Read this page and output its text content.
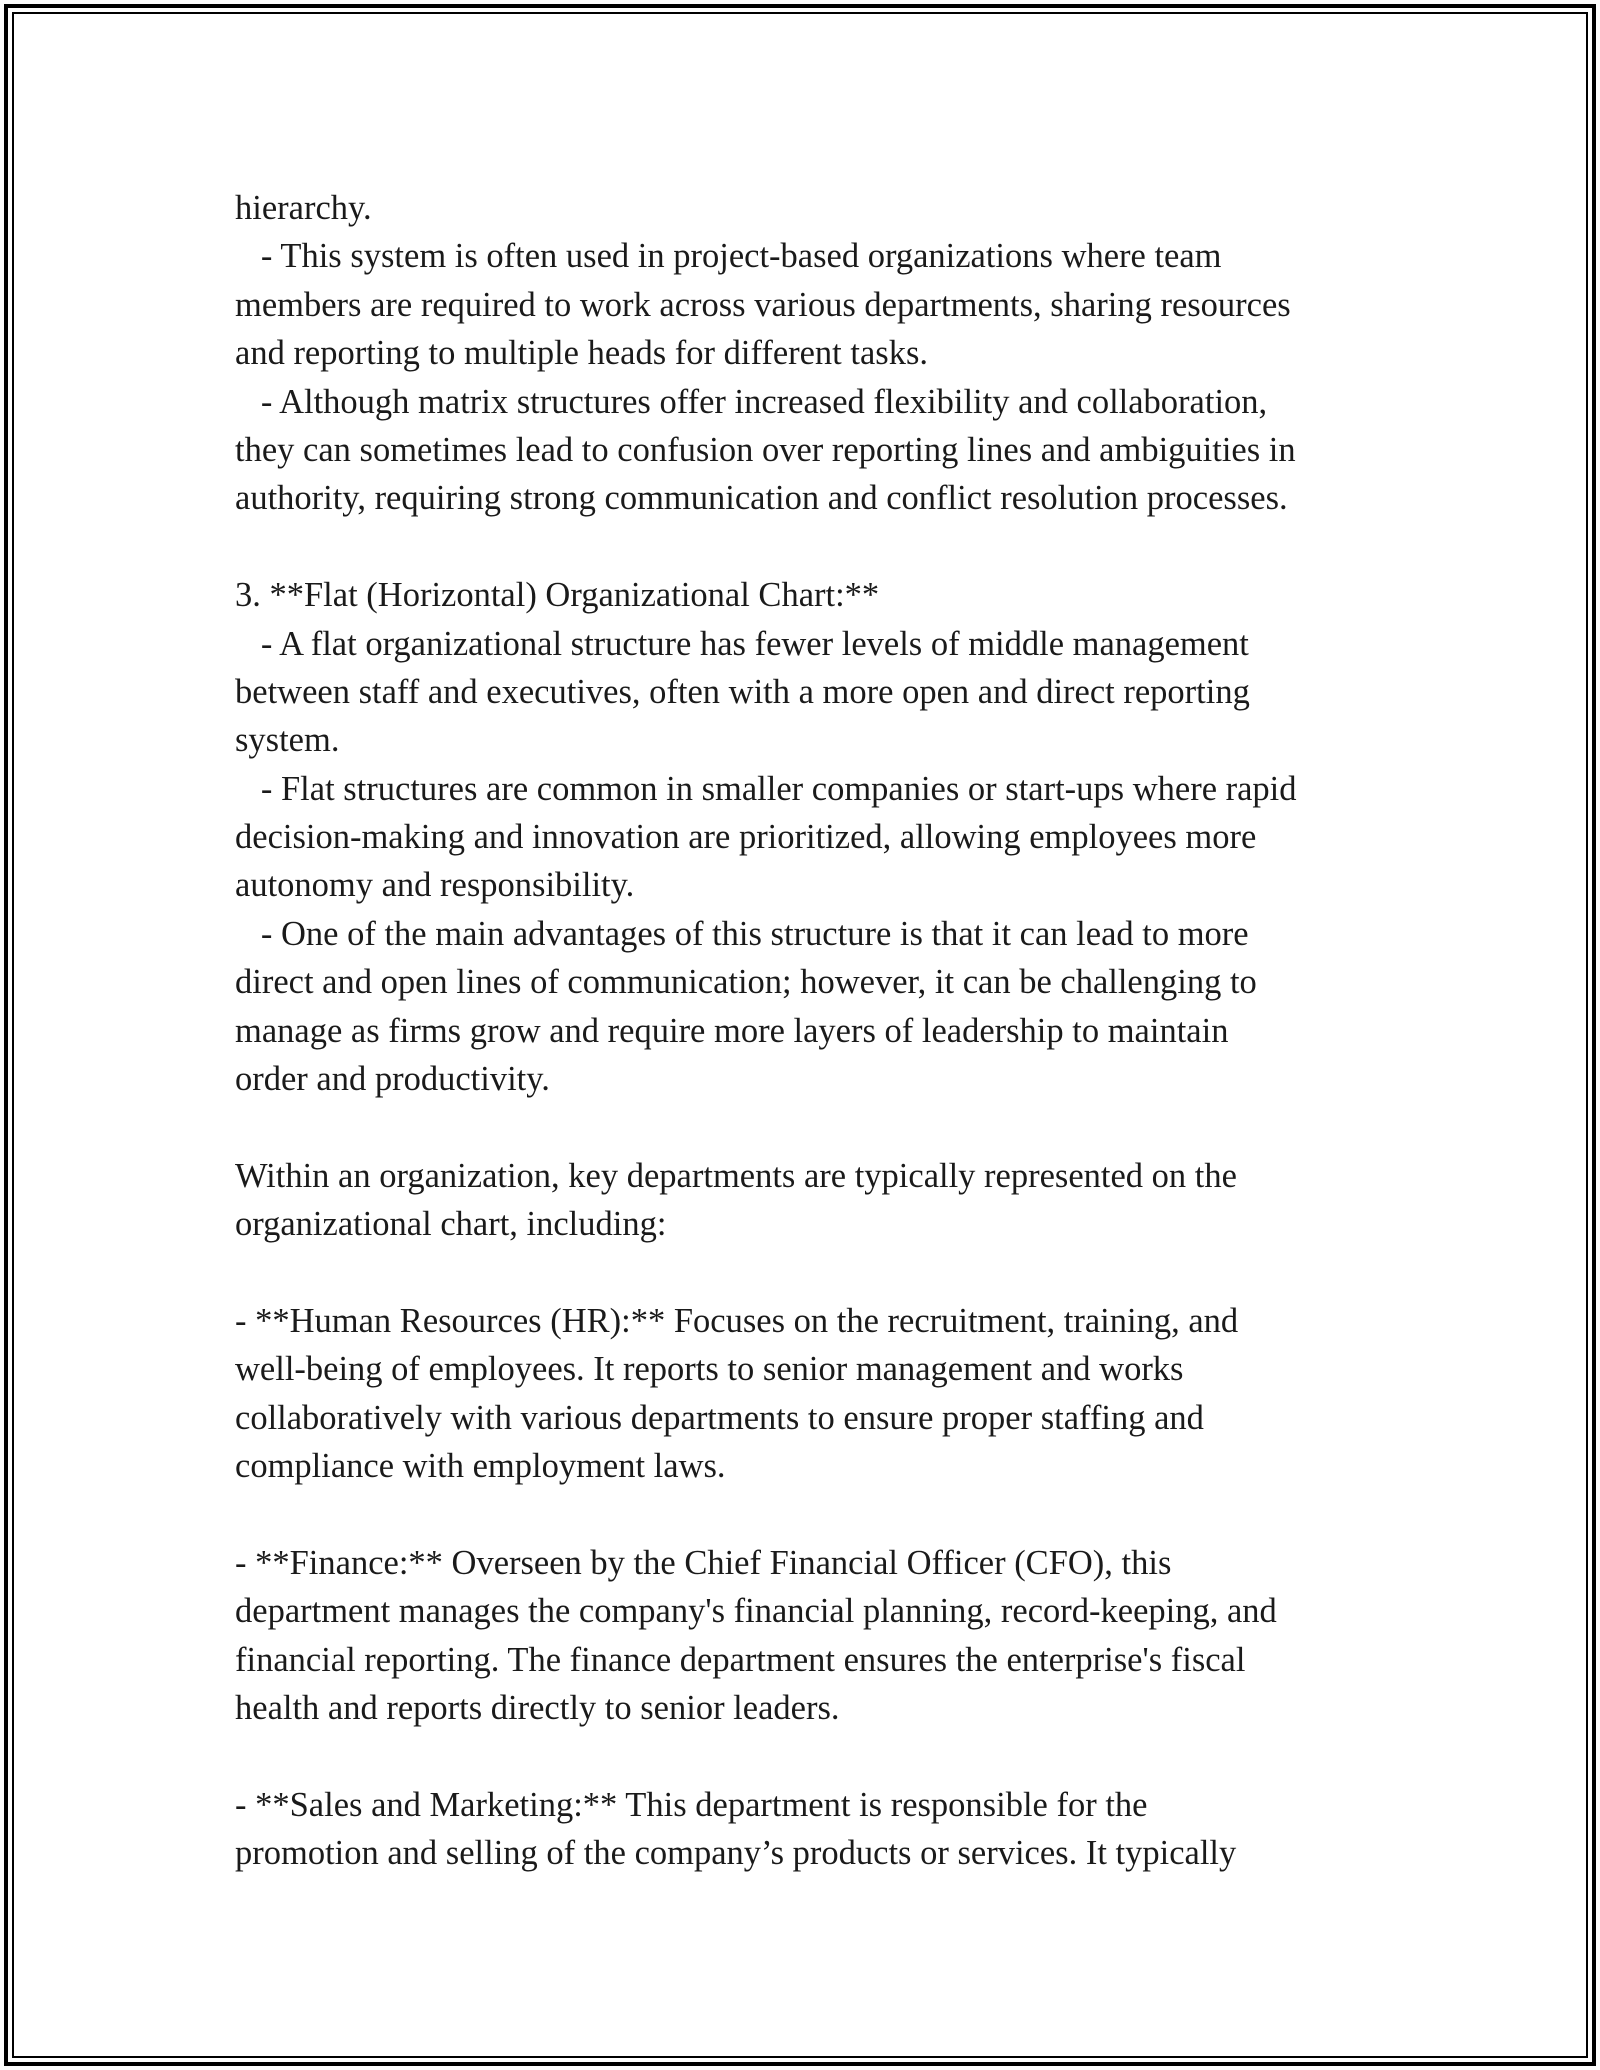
hierarchy.
- This system is often used in project-based organizations where team
members are required to work across various departments, sharing resources
and reporting to multiple heads for different tasks.
- Although matrix structures offer increased flexibility and collaboration,
they can sometimes lead to confusion over reporting lines and ambiguities in
authority, requiring strong communication and conflict resolution processes.
3. **Flat (Horizontal) Organizational Chart:**
- A flat organizational structure has fewer levels of middle management
between staff and executives, often with a more open and direct reporting
system.
- Flat structures are common in smaller companies or start-ups where rapid
decision-making and innovation are prioritized, allowing employees more
autonomy and responsibility.
- One of the main advantages of this structure is that it can lead to more
direct and open lines of communication; however, it can be challenging to
manage as firms grow and require more layers of leadership to maintain
order and productivity.
Within an organization, key departments are typically represented on the
organizational chart, including:
- **Human Resources (HR):** Focuses on the recruitment, training, and
well-being of employees. It reports to senior management and works
collaboratively with various departments to ensure proper staffing and
compliance with employment laws.
- **Finance:** Overseen by the Chief Financial Officer (CFO), this
department manages the company's financial planning, record-keeping, and
financial reporting. The finance department ensures the enterprise's fiscal
health and reports directly to senior leaders.
- **Sales and Marketing:** This department is responsible for the
promotion and selling of the company’s products or services. It typically
